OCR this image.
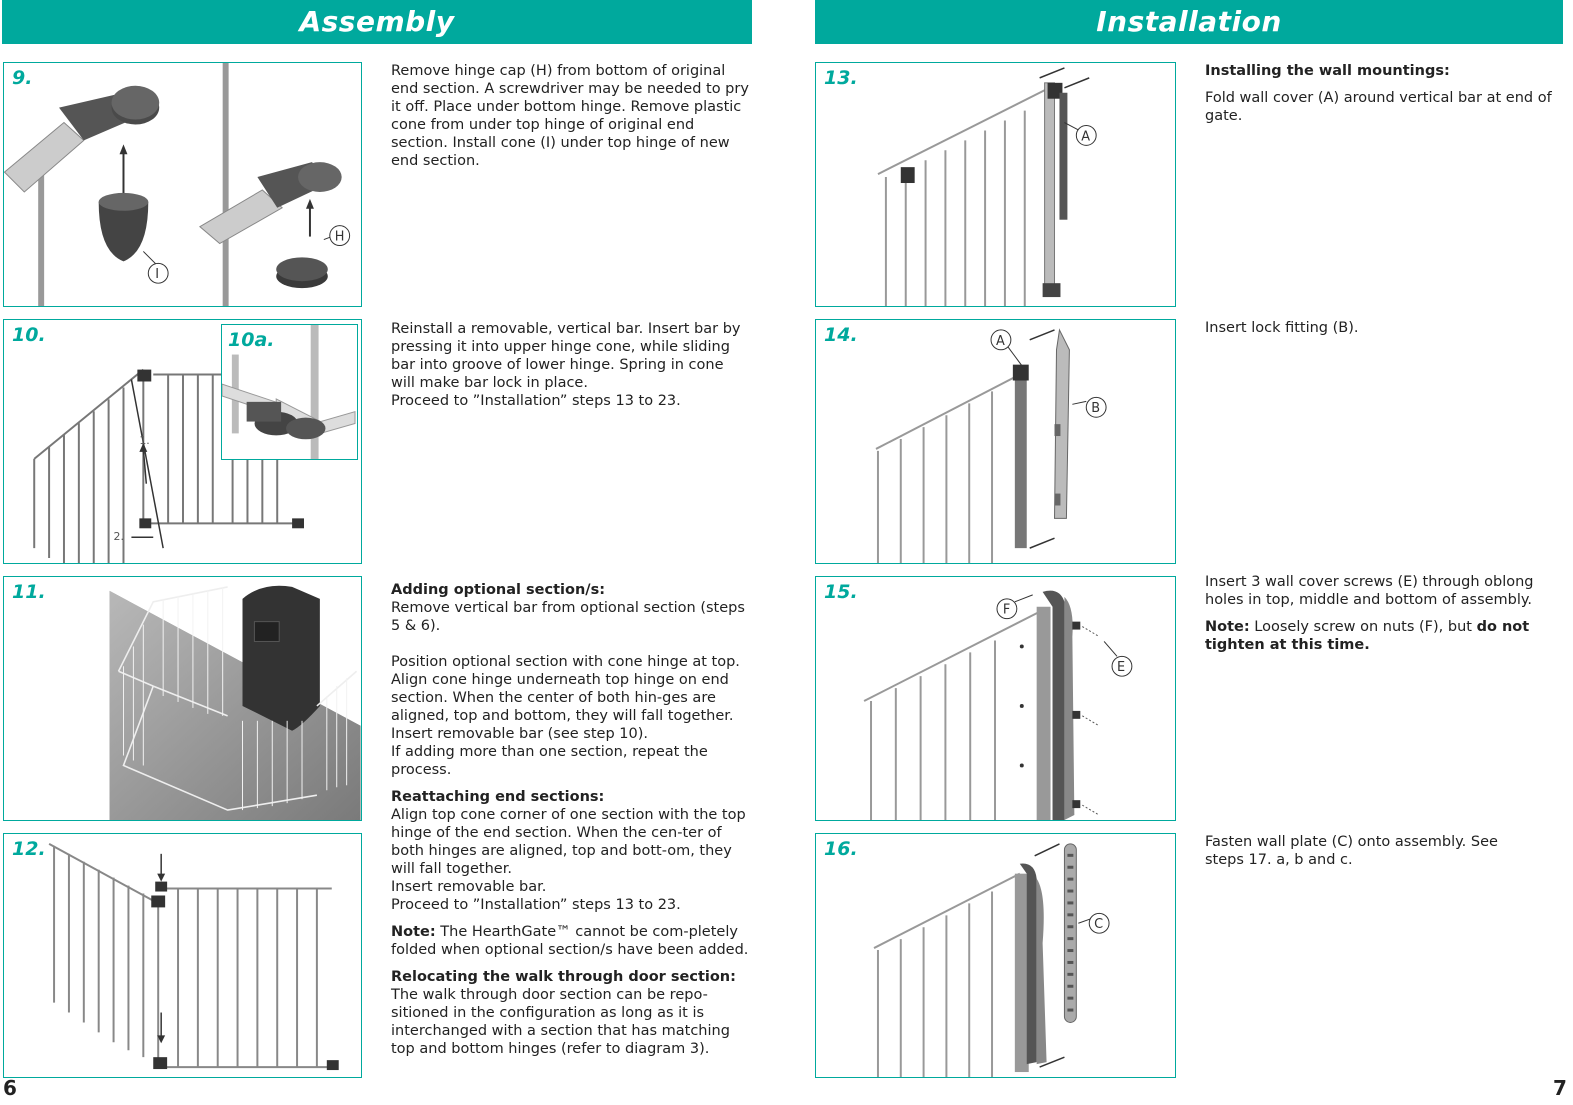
Assembly	Installation
H
I
9.
1.
2.
10.	10a.
11.
12.

Remove hinge cap (H) from bottom of original end section. A screwdriver may be needed to pry it off. Place under bottom hinge. Remove plastic cone from under top hinge of original end section. Install cone (I) under top hinge of new end section.

Reinstall a removable, vertical bar. Insert bar by pressing it into upper hinge cone, while sliding bar into groove of lower hinge. Spring in cone will make bar lock in place.

Proceed to ”Installation” steps 13 to 23.

Adding optional section/s:

Remove vertical bar from optional section (steps 5 & 6).

Position optional section with cone hinge at top. Align cone hinge underneath top hinge on end section. When the center of both hin-ges are aligned, top and bottom, they will fall together.
Insert removable bar (see step 10).

If adding more than one section, repeat the process.

Reattaching end sections:
Align top cone corner of one section with the top hinge of the end section. When the cen-ter of both hinges are aligned, top and bott-om, they will fall together.
Insert removable bar.

Proceed to ”Installation” steps 13 to 23.

Note: The HearthGate™ cannot be com-pletely folded when optional section/s have been added.

Relocating the walk through door section:
The walk through door section can be repo-sitioned in the configuration as long as it is interchanged with a section that has matching top and bottom hinges (refer to diagram 3).
A
13.
A
B
14.
F
E
15.
C
16.

Installing the wall mountings:

Fold wall cover (A) around vertical bar at end of gate.

Insert lock fitting (B).

Insert 3 wall cover screws (E) through oblong holes in top, middle and bottom of assembly.

Note: Loosely screw on nuts (F), but do not tighten at this time.

Fasten wall plate (C) onto assembly. See steps 17. a, b and c.

6	7
